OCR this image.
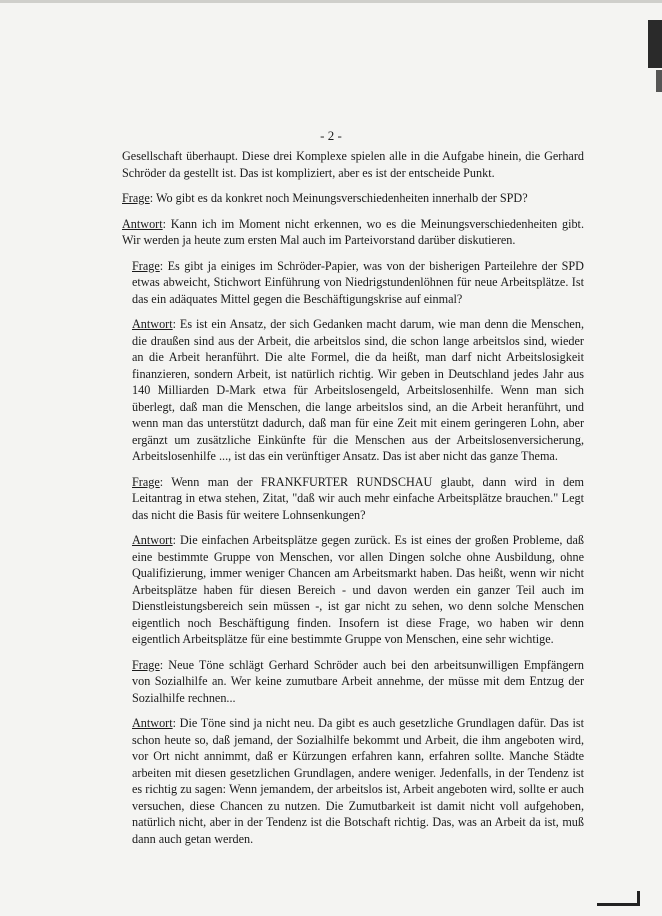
- 2 -

Gesellschaft überhaupt. Diese drei Komplexe spielen alle in die Aufgabe hinein, die Gerhard Schröder da gestellt ist. Das ist kompliziert, aber es ist der entscheide Punkt.

Frage: Wo gibt es da konkret noch Meinungsverschiedenheiten innerhalb der SPD?

Antwort: Kann ich im Moment nicht erkennen, wo es die Meinungsverschiedenheiten gibt. Wir werden ja heute zum ersten Mal auch im Parteivorstand darüber diskutieren.

Frage: Es gibt ja einiges im Schröder-Papier, was von der bisherigen Parteilehre der SPD etwas abweicht, Stichwort Einführung von Niedrigstundenlöhnen für neue Arbeitsplätze. Ist das ein adäquates Mittel gegen die Beschäftigungskrise auf einmal?

Antwort: Es ist ein Ansatz, der sich Gedanken macht darum, wie man denn die Menschen, die draußen sind aus der Arbeit, die arbeitslos sind, die schon lange arbeitslos sind, wieder an die Arbeit heranführt. Die alte Formel, die da heißt, man darf nicht Arbeitslosigkeit finanzieren, sondern Arbeit, ist natürlich richtig. Wir geben in Deutschland jedes Jahr aus 140 Milliarden D-Mark etwa für Arbeitslosengeld, Arbeitslosenhilfe. Wenn man sich überlegt, daß man die Menschen, die lange arbeitslos sind, an die Arbeit heranführt, und wenn man das unterstützt dadurch, daß man für eine Zeit mit einem geringeren Lohn, aber ergänzt um zusätzliche Einkünfte für die Menschen aus der Arbeitslosenversicherung, Arbeitslosenhilfe ..., ist das ein verünftiger Ansatz. Das ist aber nicht das ganze Thema.

Frage: Wenn man der FRANKFURTER RUNDSCHAU glaubt, dann wird in dem Leitantrag in etwa stehen, Zitat, "daß wir auch mehr einfache Arbeitsplätze brauchen." Legt das nicht die Basis für weitere Lohnsenkungen?

Antwort: Die einfachen Arbeitsplätze gegen zurück. Es ist eines der großen Probleme, daß eine bestimmte Gruppe von Menschen, vor allen Dingen solche ohne Ausbildung, ohne Qualifizierung, immer weniger Chancen am Arbeitsmarkt haben. Das heißt, wenn wir nicht Arbeitsplätze haben für diesen Bereich - und davon werden ein ganzer Teil auch im Dienstleistungsbereich sein müssen -, ist gar nicht zu sehen, wo denn solche Menschen eigentlich noch Beschäftigung finden. Insofern ist diese Frage, wo haben wir denn eigentlich Arbeitsplätze für eine bestimmte Gruppe von Menschen, eine sehr wichtige.

Frage: Neue Töne schlägt Gerhard Schröder auch bei den arbeitsunwilligen Empfängern von Sozialhilfe an. Wer keine zumutbare Arbeit annehme, der müsse mit dem Entzug der Sozialhilfe rechnen...

Antwort: Die Töne sind ja nicht neu. Da gibt es auch gesetzliche Grundlagen dafür. Das ist schon heute so, daß jemand, der Sozialhilfe bekommt und Arbeit, die ihm angeboten wird, vor Ort nicht annimmt, daß er Kürzungen erfahren kann, erfahren sollte. Manche Städte arbeiten mit diesen gesetzlichen Grundlagen, andere weniger. Jedenfalls, in der Tendenz ist es richtig zu sagen: Wenn jemandem, der arbeitslos ist, Arbeit angeboten wird, sollte er auch versuchen, diese Chancen zu nutzen. Die Zumutbarkeit ist damit nicht voll aufgehoben, natürlich nicht, aber in der Tendenz ist die Botschaft richtig. Das, was an Arbeit da ist, muß dann auch getan werden.
